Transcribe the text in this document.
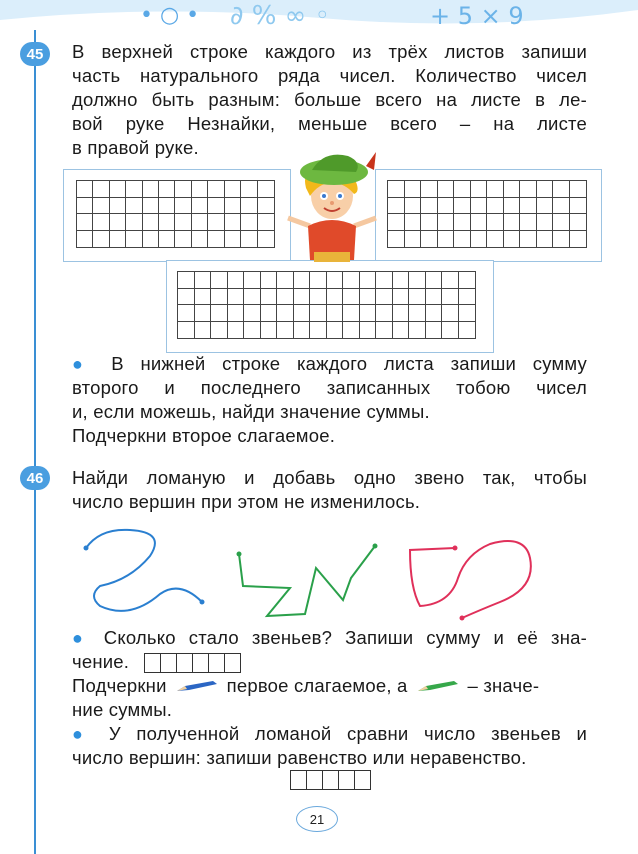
• ○ • ∂ % ∞ ◦	+ 5 × 9
45	В верхней строке каждого из трёх листов запиши
часть натурального ряда чисел. Количество чисел
должно быть разным: больше всего на листе в ле-
вой руке Незнайки, меньше всего – на листе
в правой руке.
● В нижней строке каждого листа запиши сумму
второго и последнего записанных тобою чисел
и, если можешь, найди значение суммы.
Подчеркни второе слагаемое.
46	Найди ломаную и добавь одно звено так, чтобы
число вершин при этом не изменилось.
● Сколько стало звеньев? Запиши сумму и её зна-
чение.
Подчеркни	первое слагаемое, а	– значе-
ние суммы.
● У полученной ломаной сравни число звеньев и
число вершин: запиши равенство или неравенство.
21
